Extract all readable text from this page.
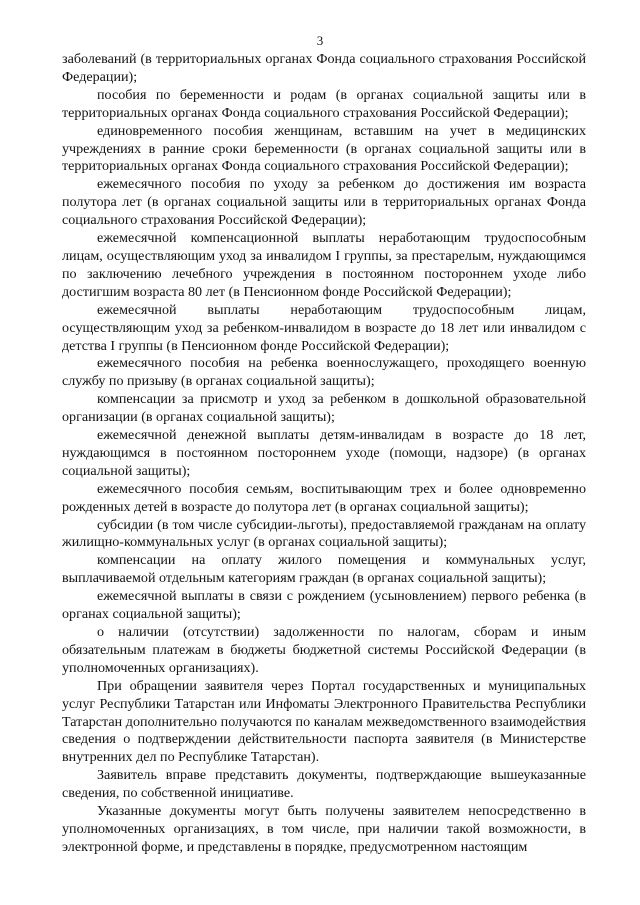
3

заболеваний (в территориальных органах Фонда социального страхования Российской Федерации);

пособия по беременности и родам (в органах социальной защиты или в территориальных органах Фонда социального страхования Российской Федерации);

единовременного пособия женщинам, вставшим на учет в медицинских учреждениях в ранние сроки беременности (в органах социальной защиты или в территориальных органах Фонда социального страхования Российской Федерации);

ежемесячного пособия по уходу за ребенком до достижения им возраста полутора лет (в органах социальной защиты или в территориальных органах Фонда социального страхования Российской Федерации);

ежемесячной компенсационной выплаты неработающим трудоспособным лицам, осуществляющим уход за инвалидом I группы, за престарелым, нуждающимся по заключению лечебного учреждения в постоянном постороннем уходе либо достигшим возраста 80 лет (в Пенсионном фонде Российской Федерации);

ежемесячной выплаты неработающим трудоспособным лицам, осуществляющим уход за ребенком-инвалидом в возрасте до 18 лет или инвалидом с детства I группы (в Пенсионном фонде Российской Федерации);

ежемесячного пособия на ребенка военнослужащего, проходящего военную службу по призыву (в органах социальной защиты);

компенсации за присмотр и уход за ребенком в дошкольной образовательной организации (в органах социальной защиты);

ежемесячной денежной выплаты детям-инвалидам в возрасте до 18 лет, нуждающимся в постоянном постороннем уходе (помощи, надзоре) (в органах социальной защиты);

ежемесячного пособия семьям, воспитывающим трех и более одновременно рожденных детей в возрасте до полутора лет (в органах социальной защиты);

субсидии (в том числе субсидии-льготы), предоставляемой гражданам на оплату жилищно-коммунальных услуг (в органах социальной защиты);

компенсации на оплату жилого помещения и коммунальных услуг, выплачиваемой отдельным категориям граждан (в органах социальной защиты);

ежемесячной выплаты в связи с рождением (усыновлением) первого ребенка (в органах социальной защиты);

о наличии (отсутствии) задолженности по налогам, сборам и иным обязательным платежам в бюджеты бюджетной системы Российской Федерации (в уполномоченных организациях).

При обращении заявителя через Портал государственных и муниципальных услуг Республики Татарстан или Инфоматы Электронного Правительства Республики Татарстан дополнительно получаются по каналам межведомственного взаимодействия сведения о подтверждении действительности паспорта заявителя (в Министерстве внутренних дел по Республике Татарстан).

Заявитель вправе представить документы, подтверждающие вышеуказанные сведения, по собственной инициативе.

Указанные документы могут быть получены заявителем непосредственно в уполномоченных организациях, в том числе, при наличии такой возможности, в электронной форме, и представлены в порядке, предусмотренном настоящим
